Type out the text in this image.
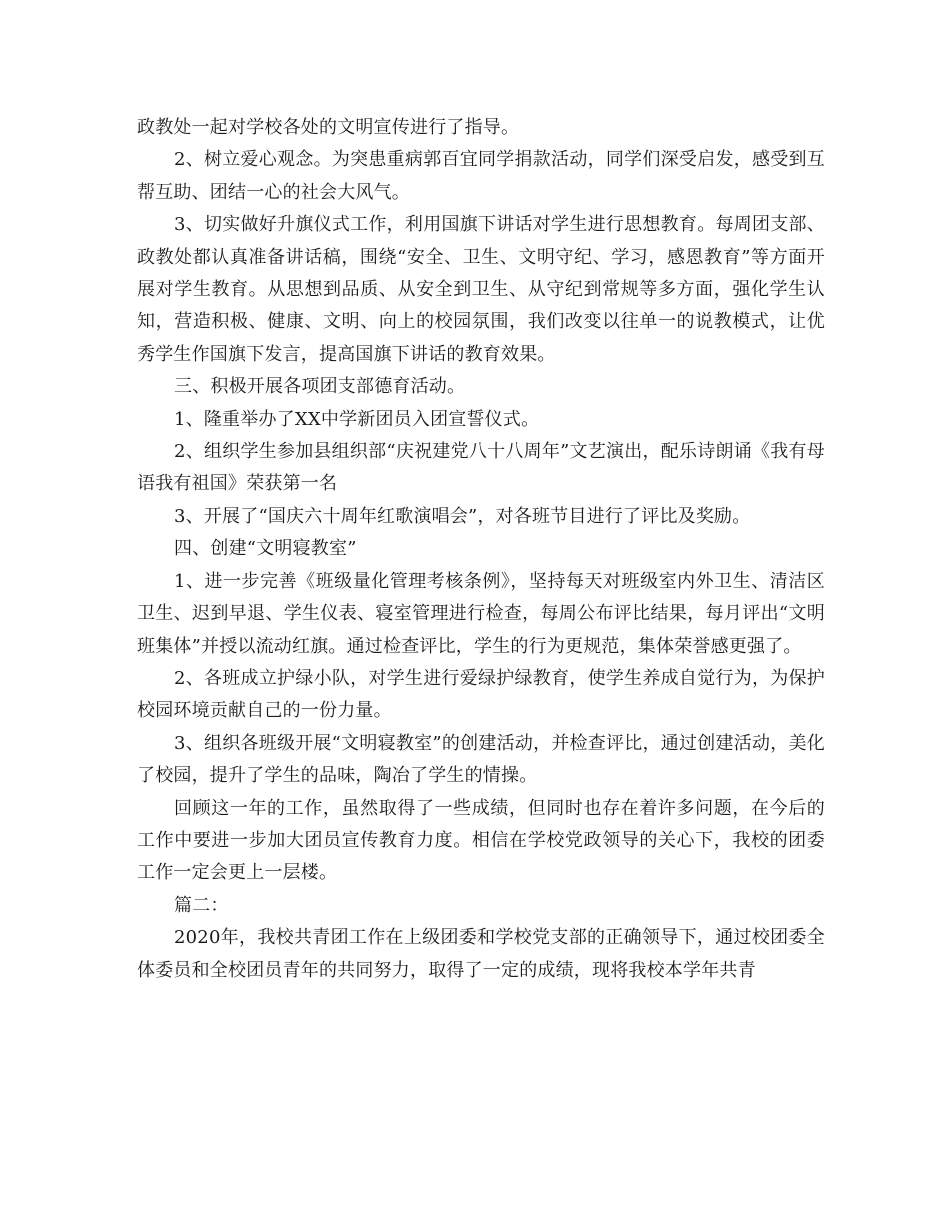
政教处一起对学校各处的文明宣传进行了指导。

2、树立爱心观念。为突患重病郭百宜同学捐款活动，同学们深受启发，感受到互帮互助、团结一心的社会大风气。

3、切实做好升旗仪式工作，利用国旗下讲话对学生进行思想教育。每周团支部、政教处都认真准备讲话稿，围绕“安全、卫生、文明守纪、学习，感恩教育”等方面开展对学生教育。从思想到品质、从安全到卫生、从守纪到常规等多方面，强化学生认知，营造积极、健康、文明、向上的校园氛围，我们改变以往单一的说教模式，让优秀学生作国旗下发言，提高国旗下讲话的教育效果。

三、积极开展各项团支部德育活动。

1、隆重举办了XX中学新团员入团宣誓仪式。

2、组织学生参加县组织部“庆祝建党八十八周年”文艺演出，配乐诗朗诵《我有母语我有祖国》荣获第一名

3、开展了“国庆六十周年红歌演唱会”，对各班节目进行了评比及奖励。

四、创建“文明寝教室”

1、进一步完善《班级量化管理考核条例》，坚持每天对班级室内外卫生、清洁区卫生、迟到早退、学生仪表、寝室管理进行检查，每周公布评比结果，每月评出“文明班集体”并授以流动红旗。通过检查评比，学生的行为更规范，集体荣誉感更强了。

2、各班成立护绿小队，对学生进行爱绿护绿教育，使学生养成自觉行为，为保护校园环境贡献自己的一份力量。

3、组织各班级开展“文明寝教室”的创建活动，并检查评比，通过创建活动，美化了校园，提升了学生的品味，陶冶了学生的情操。

回顾这一年的工作，虽然取得了一些成绩，但同时也存在着许多问题，在今后的工作中要进一步加大团员宣传教育力度。相信在学校党政领导的关心下，我校的团委工作一定会更上一层楼。

篇二：

2020年，我校共青团工作在上级团委和学校党支部的正确领导下，通过校团委全体委员和全校团员青年的共同努力，取得了一定的成绩，现将我校本学年共青
